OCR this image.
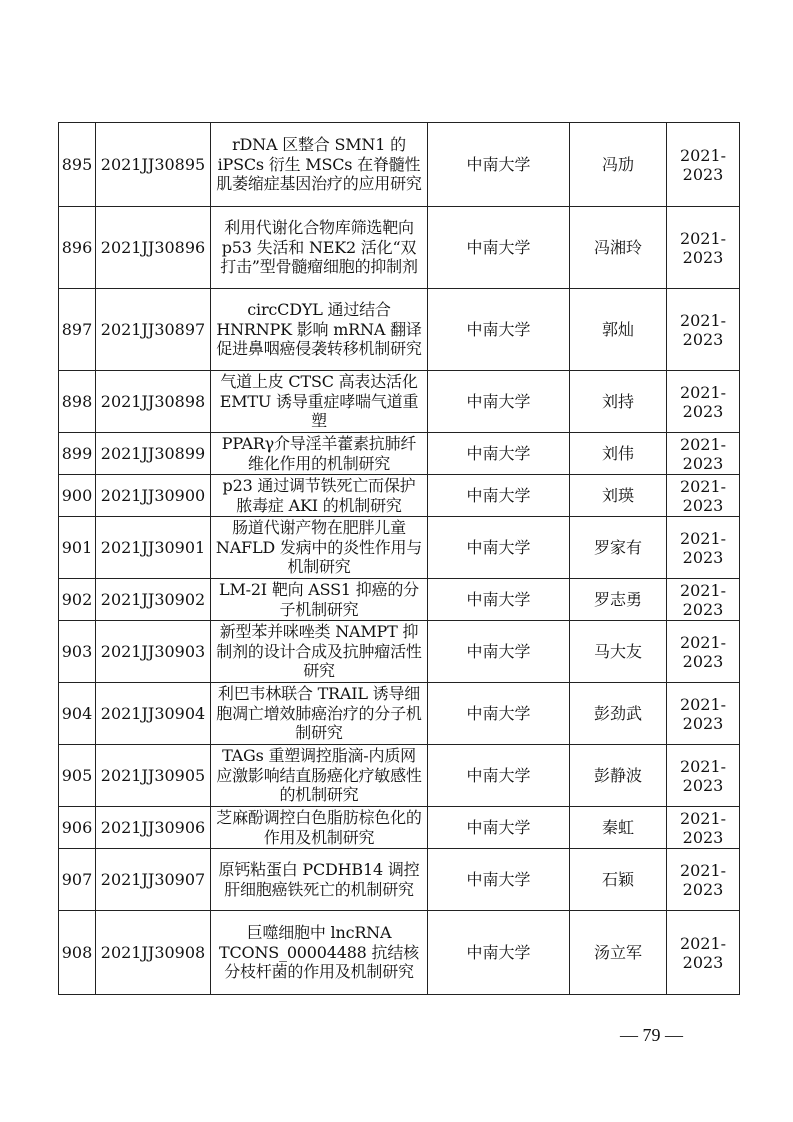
895	2021JJ30895	rDNA 区整合 SMN1 的 iPSCs 衍生 MSCs 在脊髓性肌萎缩症基因治疗的应用研究	中南大学	冯劢	2021-2023
896	2021JJ30896	利用代谢化合物库筛选靶向 p53 失活和 NEK2 活化“双打击”型骨髓瘤细胞的抑制剂	中南大学	冯湘玲	2021-2023
897	2021JJ30897	circCDYL 通过结合 HNRNPK 影响 mRNA 翻译促进鼻咽癌侵袭转移机制研究	中南大学	郭灿	2021-2023
898	2021JJ30898	气道上皮 CTSC 高表达活化 EMTU 诱导重症哮喘气道重塑	中南大学	刘持	2021-2023
899	2021JJ30899	PPARγ介导淫羊藿素抗肺纤维化作用的机制研究	中南大学	刘伟	2021-2023
900	2021JJ30900	p23 通过调节铁死亡而保护脓毒症 AKI 的机制研究	中南大学	刘瑛	2021-2023
901	2021JJ30901	肠道代谢产物在肥胖儿童 NAFLD 发病中的炎性作用与机制研究	中南大学	罗家有	2021-2023
902	2021JJ30902	LM-2I 靶向 ASS1 抑癌的分子机制研究	中南大学	罗志勇	2021-2023
903	2021JJ30903	新型苯并咪唑类 NAMPT 抑制剂的设计合成及抗肿瘤活性研究	中南大学	马大友	2021-2023
904	2021JJ30904	利巴韦林联合 TRAIL 诱导细胞凋亡增效肺癌治疗的分子机制研究	中南大学	彭劲武	2021-2023
905	2021JJ30905	TAGs 重塑调控脂滴-内质网应激影响结直肠癌化疗敏感性的机制研究	中南大学	彭静波	2021-2023
906	2021JJ30906	芝麻酚调控白色脂肪棕色化的作用及机制研究	中南大学	秦虹	2021-2023
907	2021JJ30907	原钙粘蛋白 PCDHB14 调控肝细胞癌铁死亡的机制研究	中南大学	石颖	2021-2023
908	2021JJ30908	巨噬细胞中 lncRNA TCONS_00004488 抗结核分枝杆菌的作用及机制研究	中南大学	汤立军	2021-2023
— 79 —
